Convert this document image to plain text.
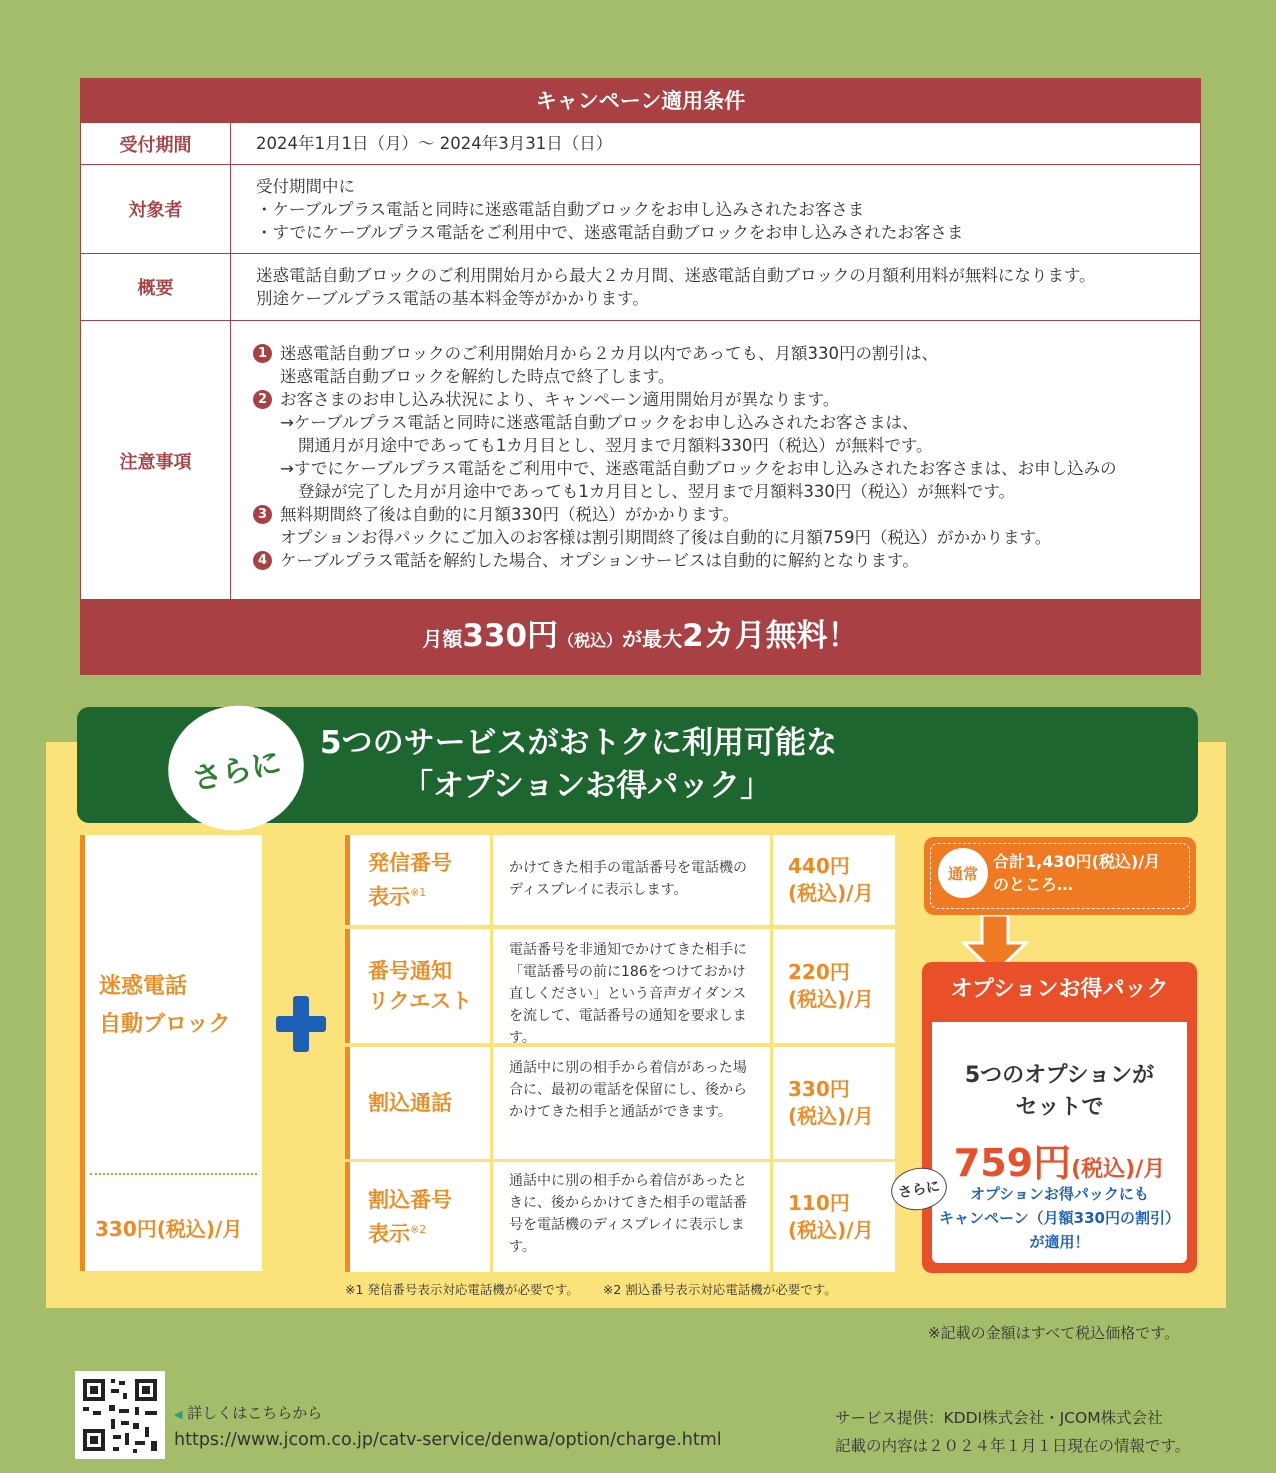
キャンペーン適用条件
受付期間	2024年1月1日（月）～ 2024年3月31日（日）
対象者
受付期間中に
・ケーブルプラス電話と同時に迷惑電話自動ブロックをお申し込みされたお客さま
・すでにケーブルプラス電話をご利用中で、迷惑電話自動ブロックをお申し込みされたお客さま
概要
迷惑電話自動ブロックのご利用開始月から最大２カ月間、迷惑電話自動ブロックの月額利用料が無料になります。
別途ケーブルプラス電話の基本料金等がかかります。
注意事項
1 迷惑電話自動ブロックのご利用開始月から２カ月以内であっても、月額330円の割引は、
迷惑電話自動ブロックを解約した時点で終了します。
2 お客さまのお申し込み状況により、キャンペーン適用開始月が異なります。
→ケーブルプラス電話と同時に迷惑電話自動ブロックをお申し込みされたお客さまは、
開通月が月途中であっても1カ月目とし、翌月まで月額料330円（税込）が無料です。
→すでにケーブルプラス電話をご利用中で、迷惑電話自動ブロックをお申し込みされたお客さまは、お申し込みの
登録が完了した月が月途中であっても1カ月目とし、翌月まで月額料330円（税込）が無料です。
3 無料期間終了後は自動的に月額330円（税込）がかかります。
オプションお得パックにご加入のお客様は割引期間終了後は自動的に月額759円（税込）がかかります。
4 ケーブルプラス電話を解約した場合、オプションサービスは自動的に解約となります。
月額330円（税込）が最大2カ月無料！
さらに
5つのサービスがおトクに利用可能な
「オプションお得パック」
迷惑電話
自動ブロック
330円(税込)/月
発信番号
表示$^{※1}$
かけてきた相手の電話番号を電話機のディスプレイに表示します。
440円
(税込)/月
番号通知
リクエスト
電話番号を非通知でかけてきた相手に「電話番号の前に186をつけておかけ直しください」という音声ガイダンスを流して、電話番号の通知を要求します。
220円
(税込)/月
割込通話
通話中に別の相手から着信があった場合に、最初の電話を保留にし、後からかけてきた相手と通話ができます。
330円
(税込)/月
割込番号
表示$^{※2}$
通話中に別の相手から着信があったときに、後からかけてきた相手の電話番号を電話機のディスプレイに表示します。
110円
(税込)/月
※1 発信番号表示対応電話機が必要です。 ※2 割込番号表示対応電話機が必要です。
通常
合計1,430円(税込)/月
のところ…
オプションお得パック
5つのオプションが
セットで
759円(税込)/月
オプションお得パックにも
キャンペーン（月額330円の割引）
が適用！
さらに
※記載の金額はすべて税込価格です。
◀ 詳しくはこちらから
https://www.jcom.co.jp/catv-service/denwa/option/charge.html
サービス提供：KDDI株式会社・JCOM株式会社
記載の内容は２０２４年１月１日現在の情報です。
